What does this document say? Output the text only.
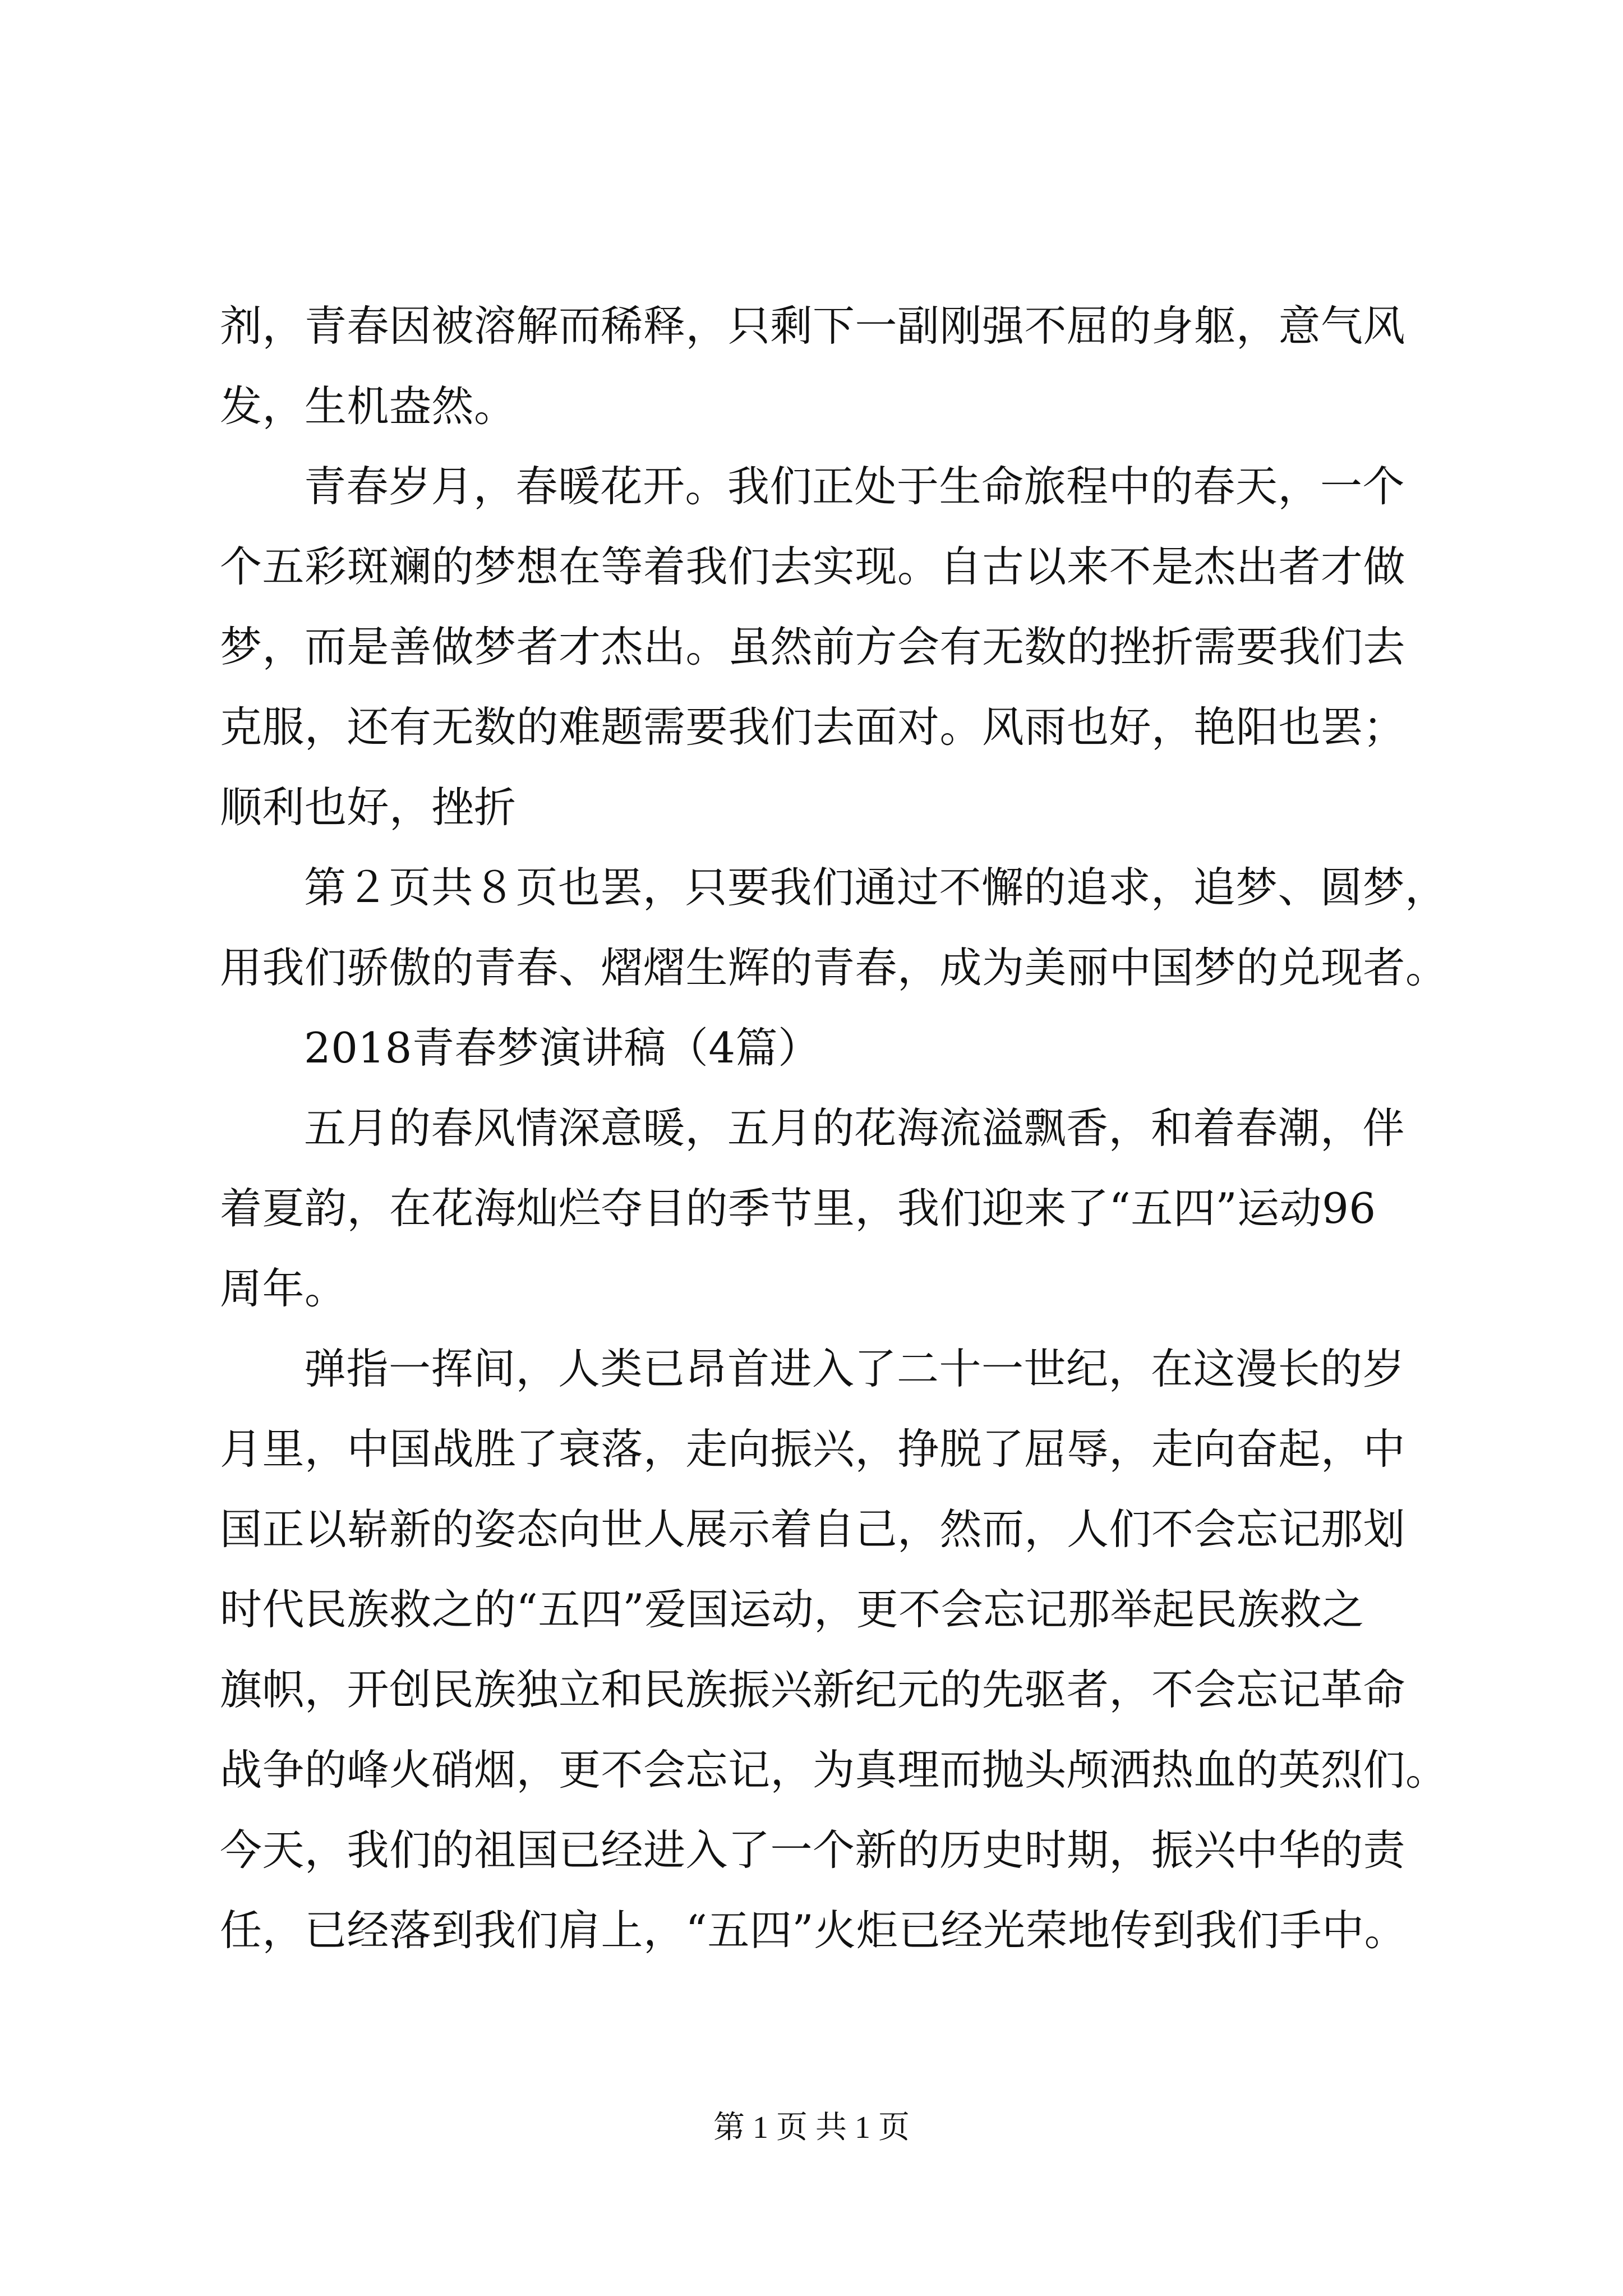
剂，青春因被溶解而稀释，只剩下一副刚强不屈的身躯，意气风
发，生机盎然。
青春岁月，春暖花开。我们正处于生命旅程中的春天，一个
个五彩斑斓的梦想在等着我们去实现。自古以来不是杰出者才做
梦，而是善做梦者才杰出。虽然前方会有无数的挫折需要我们去
克服，还有无数的难题需要我们去面对。风雨也好，艳阳也罢；
顺利也好，挫折
第２页共８页也罢，只要我们通过不懈的追求，追梦、圆梦，
用我们骄傲的青春、熠熠生辉的青春，成为美丽中国梦的兑现者。
2018青春梦演讲稿（4篇）
五月的春风情深意暖，五月的花海流溢飘香，和着春潮，伴
着夏韵，在花海灿烂夺目的季节里，我们迎来了“五四”运动96
周年。
弹指一挥间，人类已昂首进入了二十一世纪，在这漫长的岁
月里，中国战胜了衰落，走向振兴，挣脱了屈辱，走向奋起，中
国正以崭新的姿态向世人展示着自己，然而，人们不会忘记那划
时代民族救之的“五四”爱国运动，更不会忘记那举起民族救之
旗帜，开创民族独立和民族振兴新纪元的先驱者，不会忘记革命
战争的峰火硝烟，更不会忘记，为真理而抛头颅洒热血的英烈们。
今天，我们的祖国已经进入了一个新的历史时期，振兴中华的责
任，已经落到我们肩上，“五四”火炬已经光荣地传到我们手中。
第 1 页 共 1 页
